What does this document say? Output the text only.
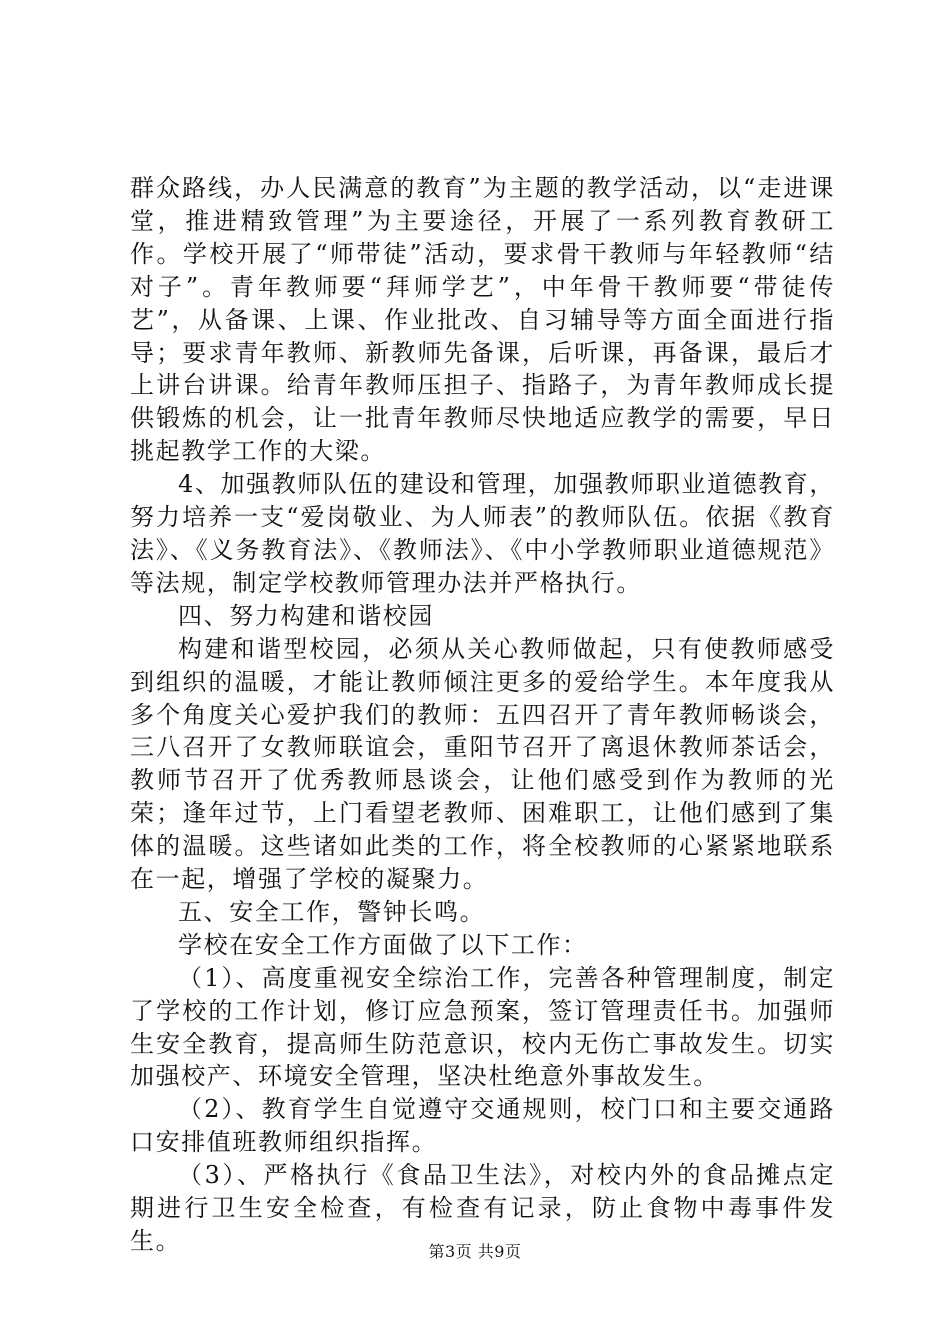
群众路线，办人民满意的教育”为主题的教学活动，以“走进课堂，推进精致管理”为主要途径，开展了一系列教育教研工作。学校开展了“师带徒”活动，要求骨干教师与年轻教师“结对子”。青年教师要“拜师学艺”，中年骨干教师要“带徒传艺”，从备课、上课、作业批改、自习辅导等方面全面进行指导；要求青年教师、新教师先备课，后听课，再备课，最后才上讲台讲课。给青年教师压担子、指路子，为青年教师成长提供锻炼的机会，让一批青年教师尽快地适应教学的需要，早日挑起教学工作的大梁。

4、加强教师队伍的建设和管理，加强教师职业道德教育，努力培养一支“爱岗敬业、为人师表”的教师队伍。依据《教育法》、《义务教育法》、《教师法》、《中小学教师职业道德规范》等法规，制定学校教师管理办法并严格执行。

四、努力构建和谐校园

构建和谐型校园，必须从关心教师做起，只有使教师感受到组织的温暖，才能让教师倾注更多的爱给学生。本年度我从多个角度关心爱护我们的教师：五四召开了青年教师畅谈会，三八召开了女教师联谊会，重阳节召开了离退休教师茶话会，教师节召开了优秀教师恳谈会，让他们感受到作为教师的光荣；逢年过节，上门看望老教师、困难职工，让他们感到了集体的温暖。这些诸如此类的工作，将全校教师的心紧紧地联系在一起，增强了学校的凝聚力。

五、安全工作，警钟长鸣。

学校在安全工作方面做了以下工作：

（1）、高度重视安全综治工作，完善各种管理制度，制定了学校的工作计划，修订应急预案，签订管理责任书。加强师生安全教育，提高师生防范意识，校内无伤亡事故发生。切实加强校产、环境安全管理，坚决杜绝意外事故发生。

（2）、教育学生自觉遵守交通规则，校门口和主要交通路口安排值班教师组织指挥。

（3）、严格执行《食品卫生法》，对校内外的食品摊点定期进行卫生安全检查，有检查有记录，防止食物中毒事件发生。	第3页 共9页
